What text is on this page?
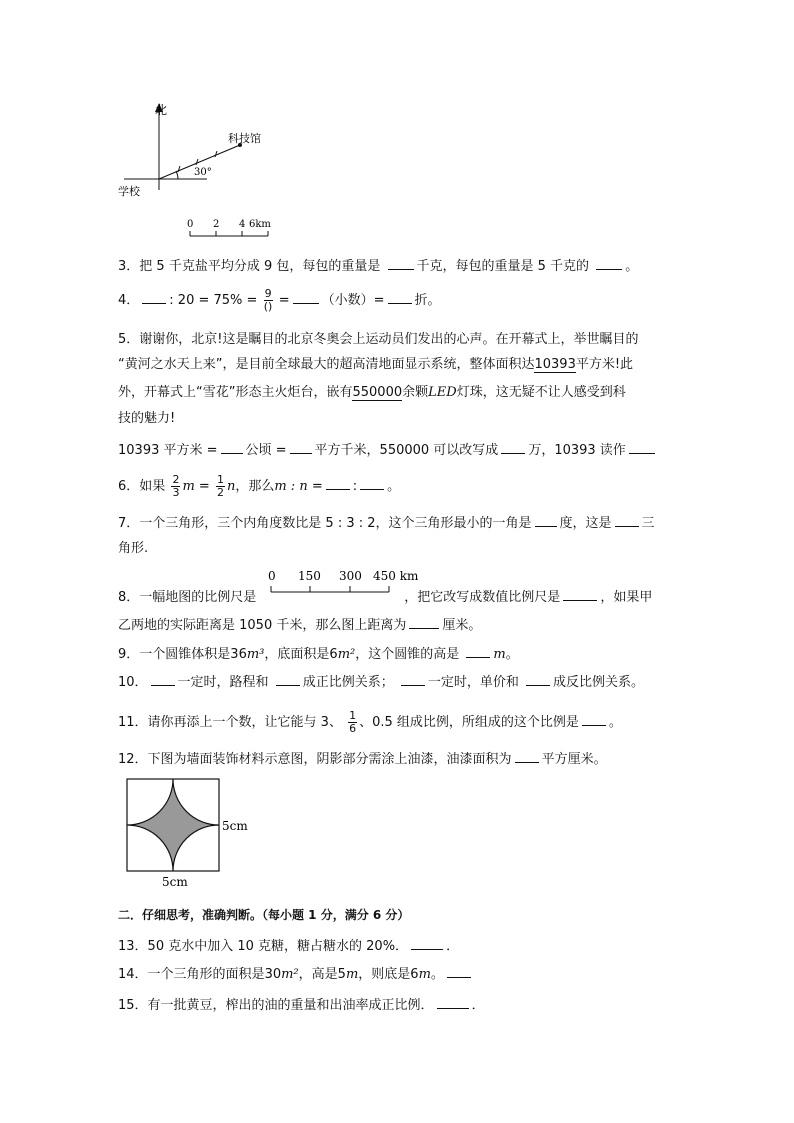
北
科技馆
30°
学校
0 2 4 6km
3．把 5 千克盐平均分成 9 包，每包的重量是	千克，每包的重量是 5 千克的	。
4． : $20 = 75\% = \frac{9}{()}$ = （小数）= 折。
5．谢谢你，北京!这是瞩目的北京冬奥会上运动员们发出的心声。在开幕式上，举世瞩目的
“黄河之水天上来”，是目前全球最大的超高清地面显示系统，整体面积达10393平方米!此
外，开幕式上“雪花”形态主火炬台，嵌有550000余颗LED灯珠，这无疑不让人感受到科
技的魅力!
10393 平方米 = 公顷 = 平方千米，550000 可以改写成 万，10393 读作
6．如果 $\frac{2}{3}$ $m = \frac{1}{2}$ n，那么m : n = : 。
7．一个三角形，三个内角度数比是 5 : 3 : 2，这个三角形最小的一角是 度，这是 三
角形.
0 150 300 450 km
8．一幅地图的比例尺是	，把它改写成数值比例尺是	，如果甲
乙两地的实际距离是 1050 千米，那么图上距离为	厘米。
9．一个圆锥体积是36m³，底面积是6m²，这个圆锥的高是	m。
10． 一定时，路程和	成正比例关系；	一定时，单价和	成反比例关系。
11．请你再添上一个数，让它能与 3、 $\frac{1}{6}$ 、0.5 组成比例，所组成的这个比例是 。
12．下图为墙面装饰材料示意图，阴影部分需涂上油漆，油漆面积为 平方厘米。
5cm
5cm
二．仔细思考，准确判断。（每小题 1 分，满分 6 分）
13．50 克水中加入 10 克糖，糖占糖水的 20%．	．
14．一个三角形的面积是30m²，高是5m，则底是6m。
15．有一批黄豆，榨出的油的重量和出油率成正比例．	．
